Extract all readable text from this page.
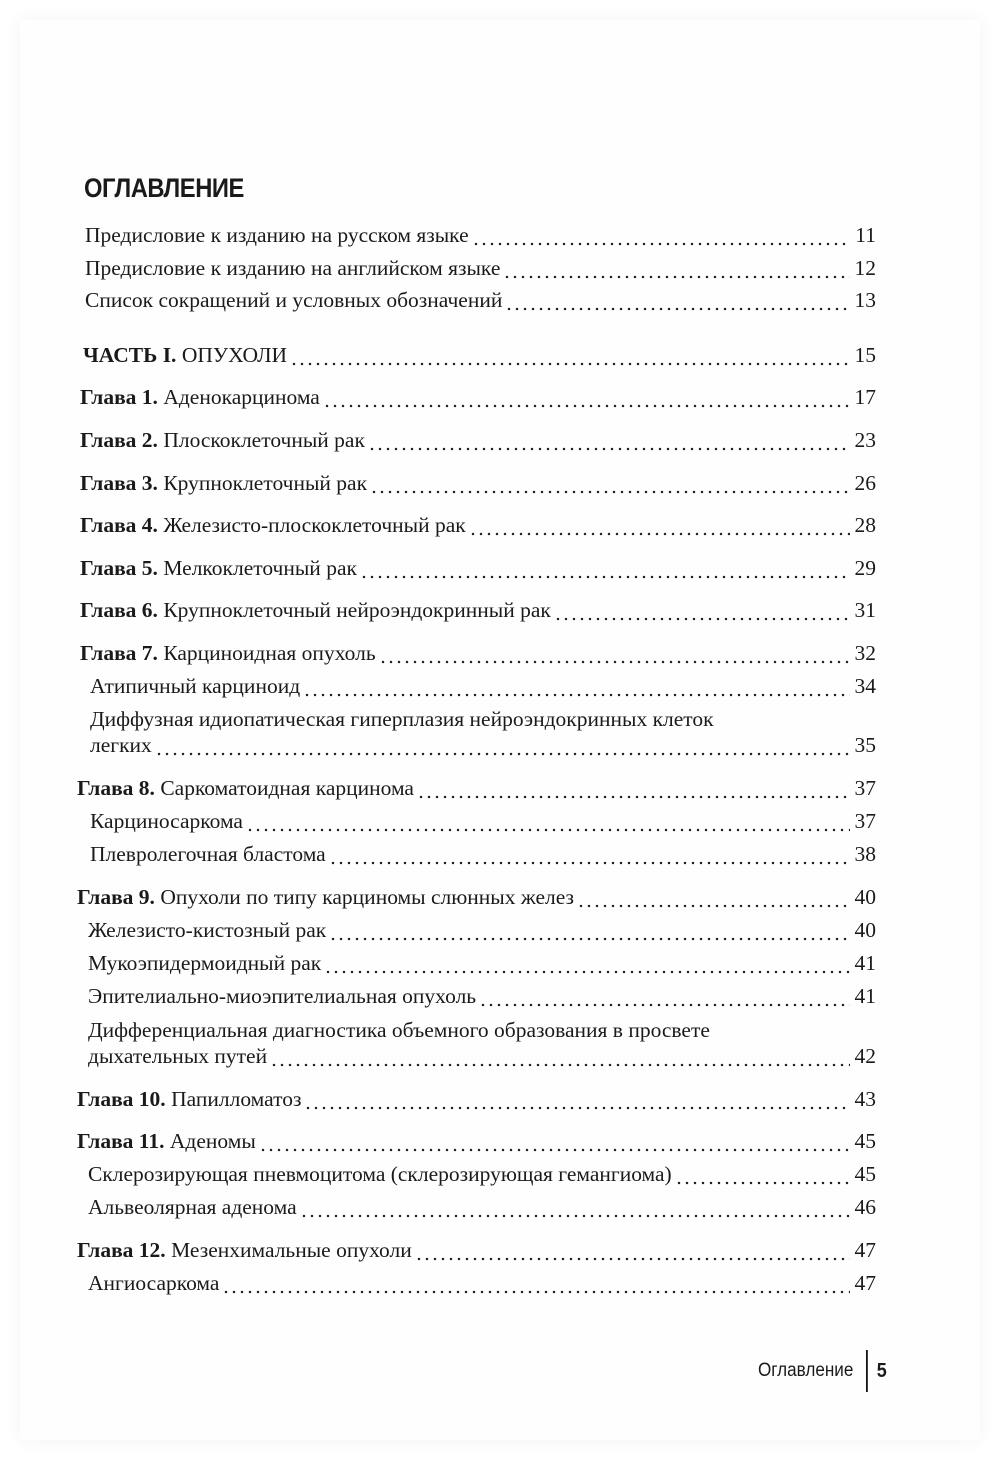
ОГЛАВЛЕНИЕ
Предисловие к изданию на русском языке	11
Предисловие к изданию на английском языке	12
Список сокращений и условных обозначений	13
ЧАСТЬ I. ОПУХОЛИ	15
Глава 1. Аденокарцинома	17
Глава 2. Плоскоклеточный рак	23
Глава 3. Крупноклеточный рак	26
Глава 4. Железисто-плоскоклеточный рак	28
Глава 5. Мелкоклеточный рак	29
Глава 6. Крупноклеточный нейроэндокринный рак	31
Глава 7. Карциноидная опухоль	32
Атипичный карциноид	34
Диффузная идиопатическая гиперплазия нейроэндокринных клеток
легких	35
Глава 8. Саркоматоидная карцинома	37
Карциносаркома	37
Плевролегочная бластома	38
Глава 9. Опухоли по типу карциномы слюнных желез	40
Железисто-кистозный рак	40
Мукоэпидермоидный рак	41
Эпителиально-миоэпителиальная опухоль	41
Дифференциальная диагностика объемного образования в просвете
дыхательных путей	42
Глава 10. Папилломатоз	43
Глава 11. Аденомы	45
Склерозирующая пневмоцитома (склерозирующая гемангиома)	45
Альвеолярная аденома	46
Глава 12. Мезенхимальные опухоли	47
Ангиосаркома	47
Оглавление 5
